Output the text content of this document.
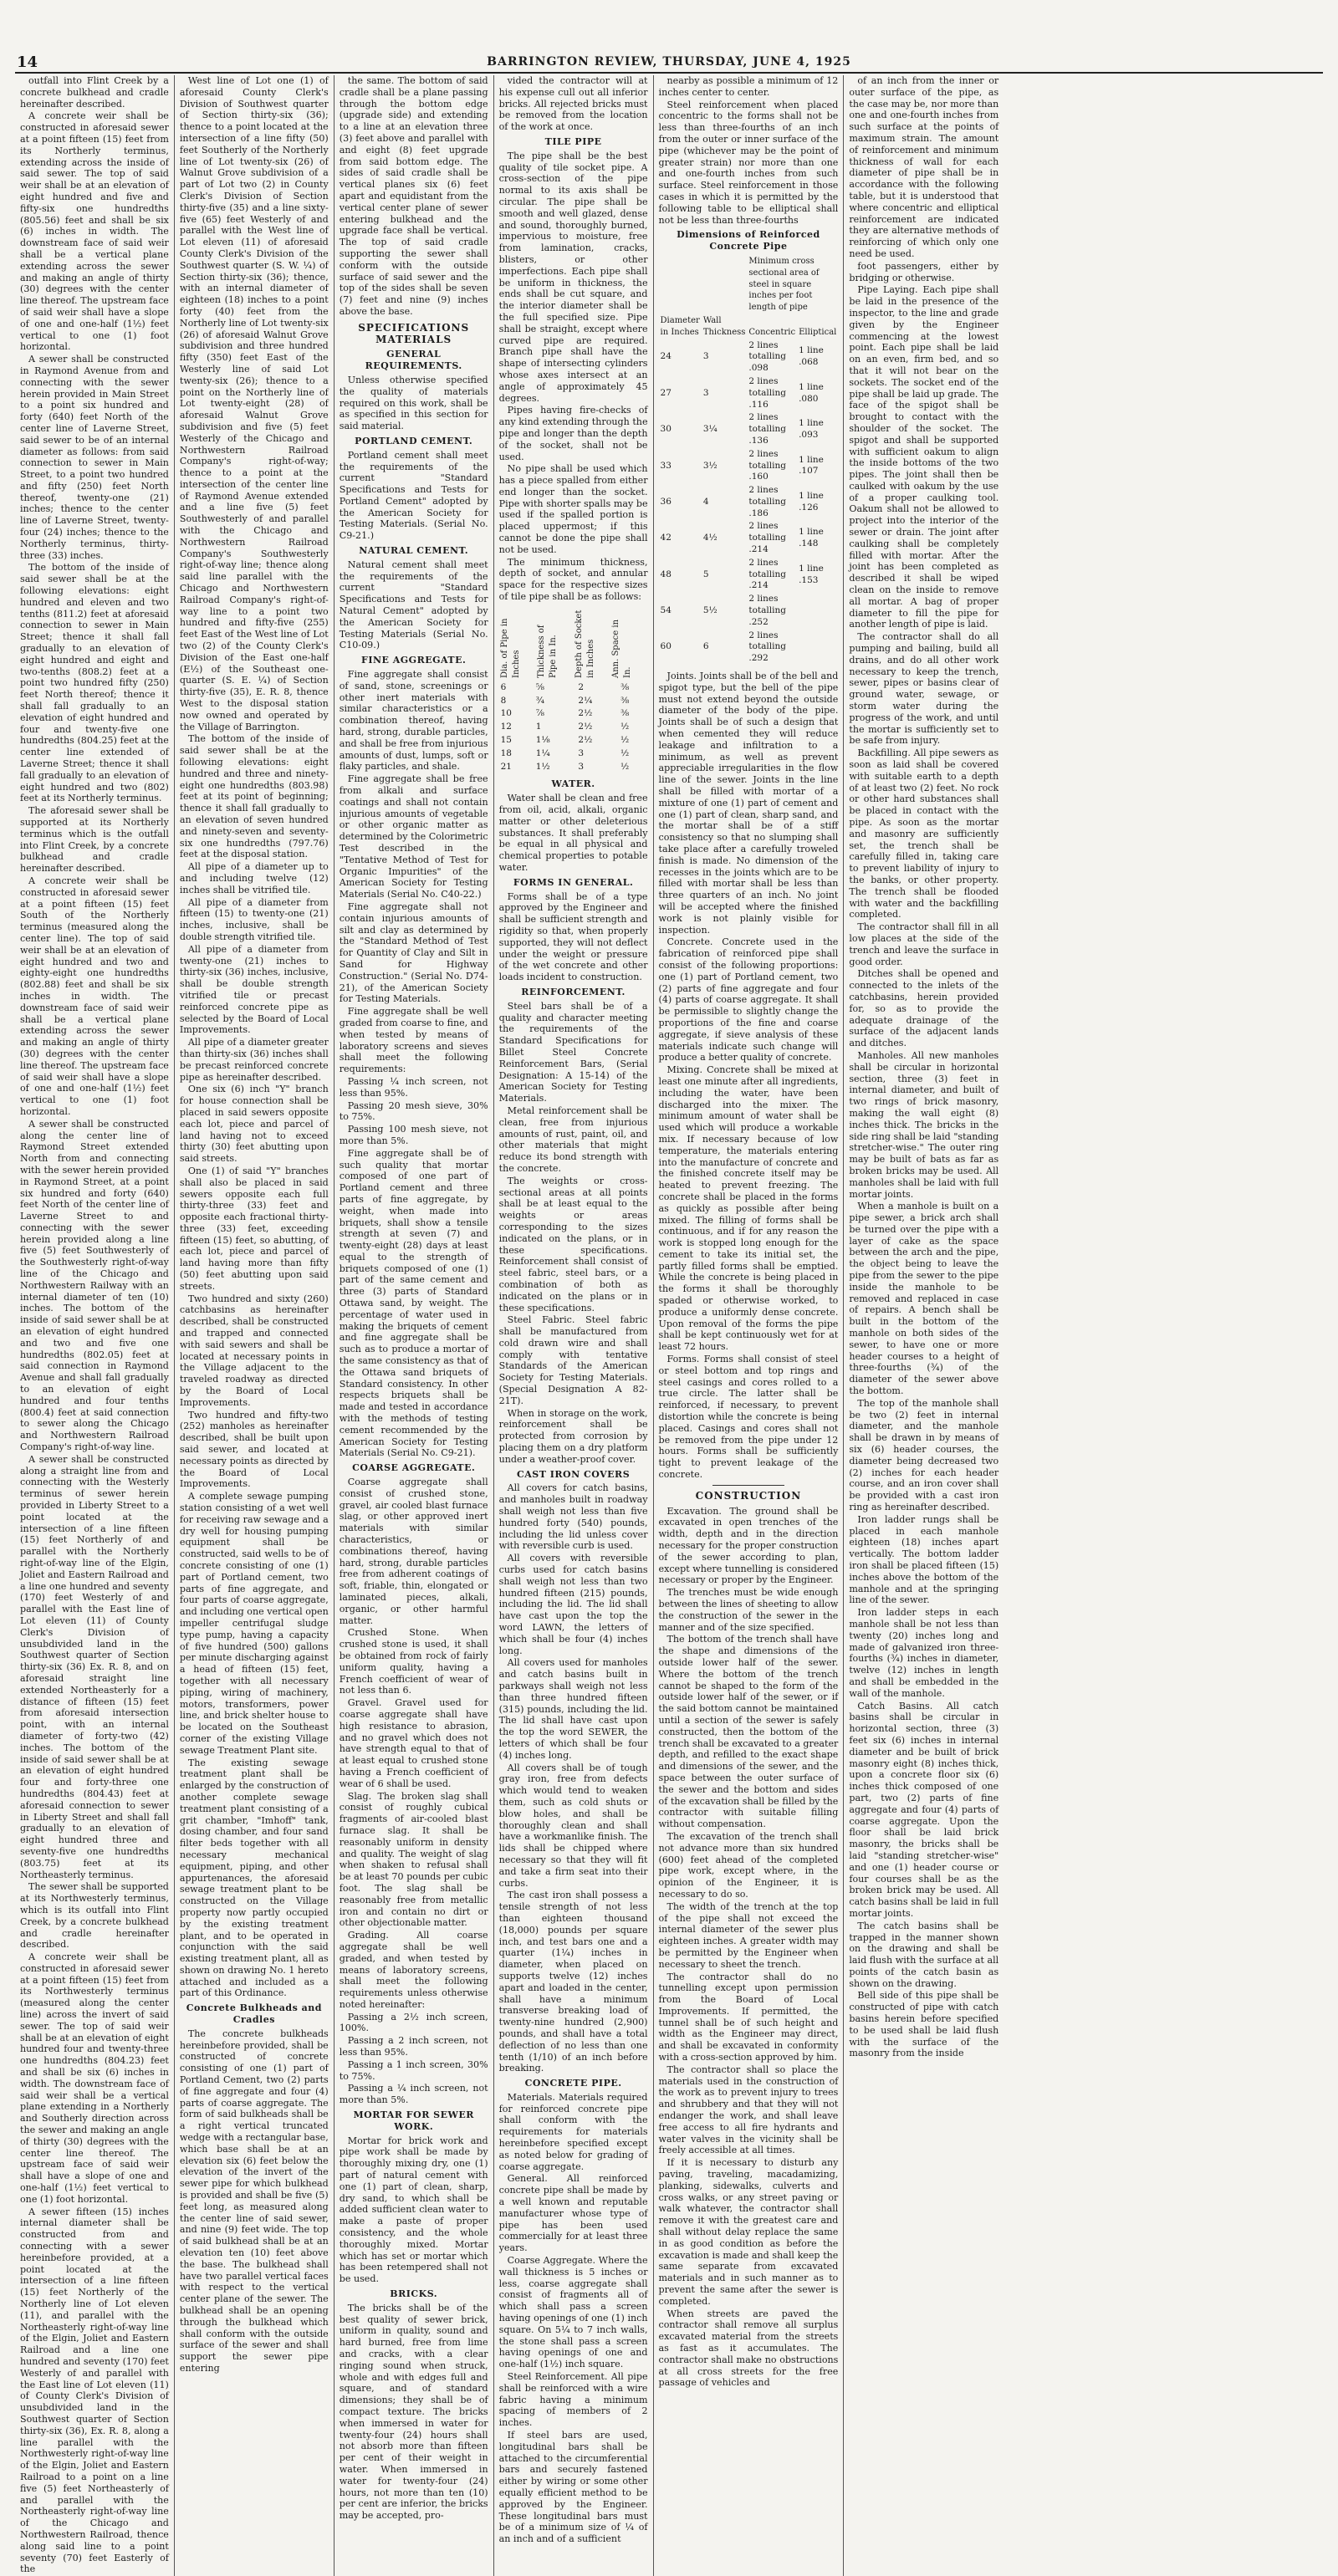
14	BARRINGTON REVIEW, THURSDAY, JUNE 4, 1925

outfall into Flint Creek by a concrete bulkhead and cradle hereinafter described.

A concrete weir shall be constructed in aforesaid sewer at a point fifteen (15) feet from its Northerly terminus, extending across the inside of said sewer. The top of said weir shall be at an elevation of eight hundred and five and fifty-six one hundredths (805.56) feet and shall be six (6) inches in width. The downstream face of said weir shall be a vertical plane extending across the sewer and making an angle of thirty (30) degrees with the center line thereof. The upstream face of said weir shall have a slope of one and one-half (1½) feet vertical to one (1) foot horizontal.

A sewer shall be constructed in Raymond Avenue from and connecting with the sewer herein provided in Main Street to a point six hundred and forty (640) feet North of the center line of Laverne Street, said sewer to be of an internal diameter as follows: from said connection to sewer in Main Street, to a point two hundred and fifty (250) feet North thereof, twenty-one (21) inches; thence to the center line of Laverne Street, twenty-four (24) inches; thence to the Northerly terminus, thirty-three (33) inches.

The bottom of the inside of said sewer shall be at the following elevations: eight hundred and eleven and two tenths (811.2) feet at aforesaid connection to sewer in Main Street; thence it shall fall gradually to an elevation of eight hundred and eight and two-tenths (808.2) feet at a point two hundred fifty (250) feet North thereof; thence it shall fall gradually to an elevation of eight hundred and four and twenty-five one hundredths (804.25) feet at the center line extended of Laverne Street; thence it shall fall gradually to an elevation of eight hundred and two (802) feet at its Northerly terminus.

The aforesaid sewer shall be supported at its Northerly terminus which is the outfall into Flint Creek, by a concrete bulkhead and cradle hereinafter described.

A concrete weir shall be constructed in aforesaid sewer at a point fifteen (15) feet South of the Northerly terminus (measured along the center line). The top of said weir shall be at an elevation of eight hundred and two and eighty-eight one hundredths (802.88) feet and shall be six inches in width. The downstream face of said weir shall be a vertical plane extending across the sewer and making an angle of thirty (30) degrees with the center line thereof. The upstream face of said weir shall have a slope of one and one-half (1½) feet vertical to one (1) foot horizontal.

A sewer shall be constructed along the center line of Raymond Street extended North from and connecting with the sewer herein provided in Raymond Street, at a point six hundred and forty (640) feet North of the center line of Laverne Street to and connecting with the sewer herein provided along a line five (5) feet Southwesterly of the Southwesterly right-of-way line of the Chicago and Northwestern Railway with an internal diameter of ten (10) inches. The bottom of the inside of said sewer shall be at an elevation of eight hundred and two and five one hundredths (802.05) feet at said connection in Raymond Avenue and shall fall gradually to an elevation of eight hundred and four tenths (800.4) feet at said connection to sewer along the Chicago and Northwestern Railroad Company's right-of-way line.

A sewer shall be constructed along a straight line from and connecting with the Westerly terminus of sewer herein provided in Liberty Street to a point located at the intersection of a line fifteen (15) feet Northerly of and parallel with the Northerly right-of-way line of the Elgin, Joliet and Eastern Railroad and a line one hundred and seventy (170) feet Westerly of and parallel with the East line of Lot eleven (11) of County Clerk's Division of unsubdivided land in the Southwest quarter of Section thirty-six (36) Ex. R. 8, and on aforesaid straight line extended Northeasterly for a distance of fifteen (15) feet from aforesaid intersection point, with an internal diameter of forty-two (42) inches. The bottom of the inside of said sewer shall be at an elevation of eight hundred four and forty-three one hundredths (804.43) feet at aforesaid connection to sewer in Liberty Street and shall fall gradually to an elevation of eight hundred three and seventy-five one hundredths (803.75) feet at its Northeasterly terminus.

The sewer shall be supported at its Northwesterly terminus, which is its outfall into Flint Creek, by a concrete bulkhead and cradle hereinafter described.

A concrete weir shall be constructed in aforesaid sewer at a point fifteen (15) feet from its Northwesterly terminus (measured along the center line) across the invert of said sewer. The top of said weir shall be at an elevation of eight hundred four and twenty-three one hundredths (804.23) feet and shall be six (6) inches in width. The downstream face of said weir shall be a vertical plane extending in a Northerly and Southerly direction across the sewer and making an angle of thirty (30) degrees with the center line thereof. The upstream face of said weir shall have a slope of one and one-half (1½) feet vertical to one (1) foot horizontal.

A sewer fifteen (15) inches internal diameter shall be constructed from and connecting with a sewer hereinbefore provided, at a point located at the intersection of a line fifteen (15) feet Northerly of the Northerly line of Lot eleven (11), and parallel with the Northeasterly right-of-way line of the Elgin, Joliet and Eastern Railroad and a line one hundred and seventy (170) feet Westerly of and parallel with the East line of Lot eleven (11) of County Clerk's Division of unsubdivided land in the Southwest quarter of Section thirty-six (36), Ex. R. 8, along a line parallel with the Northwesterly right-of-way line of the Elgin, Joliet and Eastern Railroad to a point on a line five (5) feet Northeasterly of and parallel with the Northeasterly right-of-way line of the Chicago and Northwestern Railroad, thence along said line to a point seventy (70) feet Easterly of the

West line of Lot one (1) of aforesaid County Clerk's Division of Southwest quarter of Section thirty-six (36); thence to a point located at the intersection of a line fifty (50) feet Southerly of the Northerly line of Lot twenty-six (26) of Walnut Grove subdivision of a part of Lot two (2) in County Clerk's Division of Section thirty-five (35) and a line sixty-five (65) feet Westerly of and parallel with the West line of Lot eleven (11) of aforesaid County Clerk's Division of the Southwest quarter (S. W. ¼) of Section thirty-six (36); thence, with an internal diameter of eighteen (18) inches to a point forty (40) feet from the Northerly line of Lot twenty-six (26) of aforesaid Walnut Grove subdivision and three hundred fifty (350) feet East of the Westerly line of said Lot twenty-six (26); thence to a point on the Northerly line of Lot twenty-eight (28) of aforesaid Walnut Grove subdivision and five (5) feet Westerly of the Chicago and Northwestern Railroad Company's right-of-way; thence to a point at the intersection of the center line of Raymond Avenue extended and a line five (5) feet Southwesterly of and parallel with the Chicago and Northwestern Railroad Company's Southwesterly right-of-way line; thence along said line parallel with the Chicago and Northwestern Railroad Company's right-of-way line to a point two hundred and fifty-five (255) feet East of the West line of Lot two (2) of the County Clerk's Division of the East one-half (E½) of the Southeast one-quarter (S. E. ¼) of Section thirty-five (35), E. R. 8, thence West to the disposal station now owned and operated by the Village of Barrington.

The bottom of the inside of said sewer shall be at the following elevations: eight hundred and three and ninety-eight one hundredths (803.98) feet at its point of beginning; thence it shall fall gradually to an elevation of seven hundred and ninety-seven and seventy-six one hundredths (797.76) feet at the disposal station.

All pipe of a diameter up to and including twelve (12) inches shall be vitrified tile.

All pipe of a diameter from fifteen (15) to twenty-one (21) inches, inclusive, shall be double strength vitrified tile.

All pipe of a diameter from twenty-one (21) inches to thirty-six (36) inches, inclusive, shall be double strength vitrified tile or precast reinforced concrete pipe as selected by the Board of Local Improvements.

All pipe of a diameter greater than thirty-six (36) inches shall be precast reinforced concrete pipe as hereinafter described.

One six (6) inch "Y" branch for house connection shall be placed in said sewers opposite each lot, piece and parcel of land having not to exceed thirty (30) feet abutting upon said streets.

One (1) of said "Y" branches shall also be placed in said sewers opposite each full thirty-three (33) feet and opposite each fractional thirty-three (33) feet, exceeding fifteen (15) feet, so abutting, of each lot, piece and parcel of land having more than fifty (50) feet abutting upon said streets.

Two hundred and sixty (260) catchbasins as hereinafter described, shall be constructed and trapped and connected with said sewers and shall be located at necessary points in the Village adjacent to the traveled roadway as directed by the Board of Local Improvements.

Two hundred and fifty-two (252) manholes as hereinafter described, shall be built upon said sewer, and located at necessary points as directed by the Board of Local Improvements.

A complete sewage pumping station consisting of a wet well for receiving raw sewage and a dry well for housing pumping equipment shall be constructed, said wells to be of concrete consisting of one (1) part of Portland cement, two parts of fine aggregate, and four parts of coarse aggregate, and including one vertical open impeller centrifugal sludge type pump, having a capacity of five hundred (500) gallons per minute discharging against a head of fifteen (15) feet, together with all necessary piping, wiring of machinery, motors, transformers, power line, and brick shelter house to be located on the Southeast corner of the existing Village sewage Treatment Plant site.

The existing sewage treatment plant shall be enlarged by the construction of another complete sewage treatment plant consisting of a grit chamber, "Imhoff" tank, dosing chamber, and four sand filter beds together with all necessary mechanical equipment, piping, and other appurtenances, the aforesaid sewage treatment plant to be constructed on the Village property now partly occupied by the existing treatment plant, and to be operated in conjunction with the said existing treatment plant, all as shown on drawing No. 1 hereto attached and included as a part of this Ordinance.

Concrete Bulkheads and Cradles

The concrete bulkheads hereinbefore provided, shall be constructed of concrete consisting of one (1) part of Portland Cement, two (2) parts of fine aggregate and four (4) parts of coarse aggregate. The form of said bulkheads shall be a right vertical truncated wedge with a rectangular base, which base shall be at an elevation six (6) feet below the elevation of the invert of the sewer pipe for which bulkhead is provided and shall be five (5) feet long, as measured along the center line of said sewer, and nine (9) feet wide. The top of said bulkhead shall be at an elevation ten (10) feet above the base. The bulkhead shall have two parallel vertical faces with respect to the vertical center plane of the sewer. The bulkhead shall be an opening through the bulkhead which shall conform with the outside surface of the sewer and shall support the sewer pipe entering

the same. The bottom of said cradle shall be a plane passing through the bottom edge (upgrade side) and extending to a line at an elevation three (3) feet above and parallel with and eight (8) feet upgrade from said bottom edge. The sides of said cradle shall be vertical planes six (6) feet apart and equidistant from the vertical center plane of sewer entering bulkhead and the upgrade face shall be vertical. The top of said cradle supporting the sewer shall conform with the outside surface of said sewer and the top of the sides shall be seven (7) feet and nine (9) inches above the base.

SPECIFICATIONS MATERIALS
GENERAL REQUIREMENTS.

Unless otherwise specified the quality of materials required on this work, shall be as specified in this section for said material.

PORTLAND CEMENT.

Portland cement shall meet the requirements of the current "Standard Specifications and Tests for Portland Cement" adopted by the American Society for Testing Materials. (Serial No. C9-21.)

NATURAL CEMENT.

Natural cement shall meet the requirements of the current "Standard Specifications and Tests for Natural Cement" adopted by the American Society for Testing Materials (Serial No. C10-09.)

FINE AGGREGATE.

Fine aggregate shall consist of sand, stone, screenings or other inert materials with similar characteristics or a combination thereof, having hard, strong, durable particles, and shall be free from injurious amounts of dust, lumps, soft or flaky particles, and shale.

Fine aggregate shall be free from alkali and surface coatings and shall not contain injurious amounts of vegetable or other organic matter as determined by the Colorimetric Test described in the "Tentative Method of Test for Organic Impurities" of the American Society for Testing Materials (Serial No. C40-22.)

Fine aggregate shall not contain injurious amounts of silt and clay as determined by the "Standard Method of Test for Quantity of Clay and Silt in Sand for Highway Construction." (Serial No. D74-21), of the American Society for Testing Materials.

Fine aggregate shall be well graded from coarse to fine, and when tested by means of laboratory screens and sieves shall meet the following requirements:

Passing ¼ inch screen, not less than 95%.

Passing 20 mesh sieve, 30% to 75%.

Passing 100 mesh sieve, not more than 5%.

Fine aggregate shall be of such quality that mortar composed of one part of Portland cement and three parts of fine aggregate, by weight, when made into briquets, shall show a tensile strength at seven (7) and twenty-eight (28) days at least equal to the strength of briquets composed of one (1) part of the same cement and three (3) parts of Standard Ottawa sand, by weight. The percentage of water used in making the briquets of cement and fine aggregate shall be such as to produce a mortar of the same consistency as that of the Ottawa sand briquets of Standard consistency. In other respects briquets shall be made and tested in accordance with the methods of testing cement recommended by the American Society for Testing Materials (Serial No. C9-21).

COARSE AGGREGATE.

Coarse aggregate shall consist of crushed stone, gravel, air cooled blast furnace slag, or other approved inert materials with similar characteristics, or combinations thereof, having hard, strong, durable particles free from adherent coatings of soft, friable, thin, elongated or laminated pieces, alkali, organic, or other harmful matter.

Crushed Stone. When crushed stone is used, it shall be obtained from rock of fairly uniform quality, having a French coefficient of wear of not less than 6.

Gravel. Gravel used for coarse aggregate shall have high resistance to abrasion, and no gravel which does not have strength equal to that of at least equal to crushed stone having a French coefficient of wear of 6 shall be used.

Slag. The broken slag shall consist of roughly cubical fragments of air-cooled blast furnace slag. It shall be reasonably uniform in density and quality. The weight of slag when shaken to refusal shall be at least 70 pounds per cubic foot. The slag shall be reasonably free from metallic iron and contain no dirt or other objectionable matter.

Grading. All coarse aggregate shall be well graded, and when tested by means of laboratory screens, shall meet the following requirements unless otherwise noted hereinafter:

Passing a 2½ inch screen, 100%.

Passing a 2 inch screen, not less than 95%.

Passing a 1 inch screen, 30% to 75%.

Passing a ¼ inch screen, not more than 5%.

MORTAR FOR SEWER WORK.

Mortar for brick work and pipe work shall be made by thoroughly mixing dry, one (1) part of natural cement with one (1) part of clean, sharp, dry sand, to which shall be added sufficient clean water to make a paste of proper consistency, and the whole thoroughly mixed. Mortar which has set or mortar which has been retempered shall not be used.

BRICKS.

The bricks shall be of the best quality of sewer brick, uniform in quality, sound and hard burned, free from lime and cracks, with a clear ringing sound when struck, whole and with edges full and square, and of standard dimensions; they shall be of compact texture. The bricks when immersed in water for twenty-four (24) hours shall not absorb more than fifteen per cent of their weight in water. When immersed in water for twenty-four (24) hours, not more than ten (10) per cent are inferior, the bricks may be accepted, pro-

vided the contractor will at his expense cull out all inferior bricks. All rejected bricks must be removed from the location of the work at once.

TILE PIPE

The pipe shall be the best quality of tile socket pipe. A cross-section of the pipe normal to its axis shall be circular. The pipe shall be smooth and well glazed, dense and sound, thoroughly burned, impervious to moisture, free from lamination, cracks, blisters, or other imperfections. Each pipe shall be uniform in thickness, the ends shall be cut square, and the interior diameter shall be the full specified size. Pipe shall be straight, except where curved pipe are required. Branch pipe shall have the shape of intersecting cylinders whose axes intersect at an angle of approximately 45 degrees.

Pipes having fire-checks of any kind extending through the pipe and longer than the depth of the socket, shall not be used.

No pipe shall be used which has a piece spalled from either end longer than the socket. Pipe with shorter spalls may be used if the spalled portion is placed uppermost; if this cannot be done the pipe shall not be used.

The minimum thickness, depth of socket, and annular space for the respective sizes of tile pipe shall be as follows:

Dia. of Pipe in Inches	Thickness of Pipe in In.	Depth of Socket in Inches	Ann. Space in In.
6	⅝	2	⅜
8	¾	2¼	⅜
10	⅞	2½	⅜
12	1	2½	½
15	1⅛	2½	½
18	1¼	3	½
21	1½	3	½
WATER.

Water shall be clean and free from oil, acid, alkali, organic matter or other deleterious substances. It shall preferably be equal in all physical and chemical properties to potable water.

FORMS IN GENERAL.

Forms shall be of a type approved by the Engineer and shall be sufficient strength and rigidity so that, when properly supported, they will not deflect under the weight or pressure of the wet concrete and other loads incident to construction.

REINFORCEMENT.

Steel bars shall be of a quality and character meeting the requirements of the Standard Specifications for Billet Steel Concrete Reinforcement Bars, (Serial Designation: A 15-14) of the American Society for Testing Materials.

Metal reinforcement shall be clean, free from injurious amounts of rust, paint, oil, and other materials that might reduce its bond strength with the concrete.

The weights or cross-sectional areas at all points shall be at least equal to the weights or areas corresponding to the sizes indicated on the plans, or in these specifications. Reinforcement shall consist of steel fabric, steel bars, or a combination of both as indicated on the plans or in these specifications.

Steel Fabric. Steel fabric shall be manufactured from cold drawn wire and shall comply with tentative Standards of the American Society for Testing Materials. (Special Designation A 82-21T).

When in storage on the work, reinforcement shall be protected from corrosion by placing them on a dry platform under a weather-proof cover.

CAST IRON COVERS

All covers for catch basins, and manholes built in roadway shall weigh not less than five hundred forty (540) pounds, including the lid unless cover with reversible curb is used.

All covers with reversible curbs used for catch basins shall weigh not less than two hundred fifteen (215) pounds, including the lid. The lid shall have cast upon the top the word LAWN, the letters of which shall be four (4) inches long.

All covers used for manholes and catch basins built in parkways shall weigh not less than three hundred fifteen (315) pounds, including the lid. The lid shall have cast upon the top the word SEWER, the letters of which shall be four (4) inches long.

All covers shall be of tough gray iron, free from defects which would tend to weaken them, such as cold shuts or blow holes, and shall be thoroughly clean and shall have a workmanlike finish. The lids shall be chipped where necessary so that they will fit and take a firm seat into their curbs.

The cast iron shall possess a tensile strength of not less than eighteen thousand (18,000) pounds per square inch, and test bars one and a quarter (1¼) inches in diameter, when placed on supports twelve (12) inches apart and loaded in the center, shall have a minimum transverse breaking load of twenty-nine hundred (2,900) pounds, and shall have a total deflection of no less than one tenth (1/10) of an inch before breaking.

CONCRETE PIPE.

Materials. Materials required for reinforced concrete pipe shall conform with the requirements for materials hereinbefore specified except as noted below for grading of coarse aggregate.

General. All reinforced concrete pipe shall be made by a well known and reputable manufacturer whose type of pipe has been used commercially for at least three years.

Coarse Aggregate. Where the wall thickness is 5 inches or less, coarse aggregate shall consist of fragments all of which shall pass a screen having openings of one (1) inch square. On 5¼ to 7 inch walls, the stone shall pass a screen having openings of one and one-half (1½) inch square.

Steel Reinforcement. All pipe shall be reinforced with a wire fabric having a minimum spacing of members of 2 inches.

If steel bars are used, longitudinal bars shall be attached to the circumferential bars and securely fastened either by wiring or some other equally efficient method to be approved by the Engineer. These longitudinal bars must be of a minimum size of ¼ of an inch and of a sufficient

nearby as possible a minimum of 12 inches center to center.

Steel reinforcement when placed concentric to the forms shall not be less than three-fourths of an inch from the outer or inner surface of the pipe (whichever may be the point of greater strain) nor more than one and one-fourth inches from such surface. Steel reinforcement in those cases in which it is permitted by the following table to be elliptical shall not be less than three-fourths

Dimensions of Reinforced Concrete Pipe
		Minimum cross sectional area of steel in square inches per foot length of pipe	
Diameter in Inches	Wall Thickness	Concentric	Elliptical
24	3	2 lines totalling .098	1 line .068
27	3	2 lines totalling .116	1 line .080
30	3¼	2 lines totalling .136	1 line .093
33	3½	2 lines totalling .160	1 line .107
36	4	2 lines totalling .186	1 line .126
42	4½	2 lines totalling .214	1 line .148
48	5	2 lines totalling .214	1 line .153
54	5½	2 lines totalling .252	
60	6	2 lines totalling .292	

Joints. Joints shall be of the bell and spigot type, but the bell of the pipe must not extend beyond the outside diameter of the body of the pipe. Joints shall be of such a design that when cemented they will reduce leakage and infiltration to a minimum, as well as prevent appreciable irregularities in the flow line of the sewer. Joints in the line shall be filled with mortar of a mixture of one (1) part of cement and one (1) part of clean, sharp sand, and the mortar shall be of a stiff consistency so that no slumping shall take place after a carefully troweled finish is made. No dimension of the recesses in the joints which are to be filled with mortar shall be less than three quarters of an inch. No joint will be accepted where the finished work is not plainly visible for inspection.

Concrete. Concrete used in the fabrication of reinforced pipe shall consist of the following proportions: one (1) part of Portland cement, two (2) parts of fine aggregate and four (4) parts of coarse aggregate. It shall be permissible to slightly change the proportions of the fine and coarse aggregate, if sieve analysis of these materials indicate such change will produce a better quality of concrete.

Mixing. Concrete shall be mixed at least one minute after all ingredients, including the water, have been discharged into the mixer. The minimum amount of water shall be used which will produce a workable mix. If necessary because of low temperature, the materials entering into the manufacture of concrete and the finished concrete itself may be heated to prevent freezing. The concrete shall be placed in the forms as quickly as possible after being mixed. The filling of forms shall be continuous, and if for any reason the work is stopped long enough for the cement to take its initial set, the partly filled forms shall be emptied. While the concrete is being placed in the forms it shall be thoroughly spaded or otherwise worked, to produce a uniformly dense concrete. Upon removal of the forms the pipe shall be kept continuously wet for at least 72 hours.

Forms. Forms shall consist of steel or steel bottom and top rings and steel casings and cores rolled to a true circle. The latter shall be reinforced, if necessary, to prevent distortion while the concrete is being placed. Casings and cores shall not be removed from the pipe under 12 hours. Forms shall be sufficiently tight to prevent leakage of the concrete.

CONSTRUCTION

Excavation. The ground shall be excavated in open trenches of the width, depth and in the direction necessary for the proper construction of the sewer according to plan, except where tunnelling is considered necessary or proper by the Engineer.

The trenches must be wide enough between the lines of sheeting to allow the construction of the sewer in the manner and of the size specified.

The bottom of the trench shall have the shape and dimensions of the outside lower half of the sewer. Where the bottom of the trench cannot be shaped to the form of the outside lower half of the sewer, or if the said bottom cannot be maintained until a section of the sewer is safely constructed, then the bottom of the trench shall be excavated to a greater depth, and refilled to the exact shape and dimensions of the sewer, and the space between the outer surface of the sewer and the bottom and sides of the excavation shall be filled by the contractor with suitable filling without compensation.

The excavation of the trench shall not advance more than six hundred (600) feet ahead of the completed pipe work, except where, in the opinion of the Engineer, it is necessary to do so.

The width of the trench at the top of the pipe shall not exceed the internal diameter of the sewer plus eighteen inches. A greater width may be permitted by the Engineer when necessary to sheet the trench.

The contractor shall do no tunnelling except upon permission from the Board of Local Improvements. If permitted, the tunnel shall be of such height and width as the Engineer may direct, and shall be excavated in conformity with a cross-section approved by him.

The contractor shall so place the materials used in the construction of the work as to prevent injury to trees and shrubbery and that they will not endanger the work, and shall leave free access to all fire hydrants and water valves in the vicinity shall be freely accessible at all times.

If it is necessary to disturb any paving, traveling, macadamizing, planking, sidewalks, culverts and cross walks, or any street paving or walk whatever, the contractor shall remove it with the greatest care and shall without delay replace the same in as good condition as before the excavation is made and shall keep the same separate from excavated materials and in such manner as to prevent the same after the sewer is completed.

When streets are paved the contractor shall remove all surplus excavated material from the streets as fast as it accumulates. The contractor shall make no obstructions at all cross streets for the free passage of vehicles and

of an inch from the inner or outer surface of the pipe, as the case may be, nor more than one and one-fourth inches from such surface at the points of maximum strain. The amount of reinforcement and minimum thickness of wall for each diameter of pipe shall be in accordance with the following table, but it is understood that where concentric and elliptical reinforcement are indicated they are alternative methods of reinforcing of which only one need be used.

foot passengers, either by bridging or otherwise.

Pipe Laying. Each pipe shall be laid in the presence of the inspector, to the line and grade given by the Engineer commencing at the lowest point. Each pipe shall be laid on an even, firm bed, and so that it will not bear on the sockets. The socket end of the pipe shall be laid up grade. The face of the spigot shall be brought to contact with the shoulder of the socket. The spigot and shall be supported with sufficient oakum to align the inside bottoms of the two pipes. The joint shall then be caulked with oakum by the use of a proper caulking tool. Oakum shall not be allowed to project into the interior of the sewer or drain. The joint after caulking shall be completely filled with mortar. After the joint has been completed as described it shall be wiped clean on the inside to remove all mortar. A bag of proper diameter to fill the pipe for another length of pipe is laid.

The contractor shall do all pumping and bailing, build all drains, and do all other work necessary to keep the trench, sewer, pipes or basins clear of ground water, sewage, or storm water during the progress of the work, and until the mortar is sufficiently set to be safe from injury.

Backfilling. All pipe sewers as soon as laid shall be covered with suitable earth to a depth of at least two (2) feet. No rock or other hard substances shall be placed in contact with the pipe. As soon as the mortar and masonry are sufficiently set, the trench shall be carefully filled in, taking care to prevent liability of injury to the banks, or other property. The trench shall be flooded with water and the backfilling completed.

The contractor shall fill in all low places at the side of the trench and leave the surface in good order.

Ditches shall be opened and connected to the inlets of the catchbasins, herein provided for, so as to provide the adequate drainage of the surface of the adjacent lands and ditches.

Manholes. All new manholes shall be circular in horizontal section, three (3) feet in internal diameter, and built of two rings of brick masonry, making the wall eight (8) inches thick. The bricks in the side ring shall be laid "standing stretcher-wise." The outer ring may be built of bats as far as broken bricks may be used. All manholes shall be laid with full mortar joints.

When a manhole is built on a pipe sewer, a brick arch shall be turned over the pipe with a layer of cake as the space between the arch and the pipe, the object being to leave the pipe from the sewer to the pipe inside the manhole to be removed and replaced in case of repairs. A bench shall be built in the bottom of the manhole on both sides of the sewer, to have one or more header courses to a height of three-fourths (¾) of the diameter of the sewer above the bottom.

The top of the manhole shall be two (2) feet in internal diameter, and the manhole shall be drawn in by means of six (6) header courses, the diameter being decreased two (2) inches for each header course, and an iron cover shall be provided with a cast iron ring as hereinafter described.

Iron ladder rungs shall be placed in each manhole eighteen (18) inches apart vertically. The bottom ladder iron shall be placed fifteen (15) inches above the bottom of the manhole and at the springing line of the sewer.

Iron ladder steps in each manhole shall be not less than twenty (20) inches long and made of galvanized iron three-fourths (¾) inches in diameter, twelve (12) inches in length and shall be embedded in the wall of the manhole.

Catch Basins. All catch basins shall be circular in horizontal section, three (3) feet six (6) inches in internal diameter and be built of brick masonry eight (8) inches thick, upon a concrete floor six (6) inches thick composed of one part, two (2) parts of fine aggregate and four (4) parts of coarse aggregate. Upon the floor shall be laid brick masonry, the bricks shall be laid "standing stretcher-wise" and one (1) header course or four courses shall be as the broken brick may be used. All catch basins shall be laid in full mortar joints.

The catch basins shall be trapped in the manner shown on the drawing and shall be laid flush with the surface at all points of the catch basin as shown on the drawing.

Bell side of this pipe shall be constructed of pipe with catch basins herein before specified to be used shall be laid flush with the surface of the masonry from the inside
